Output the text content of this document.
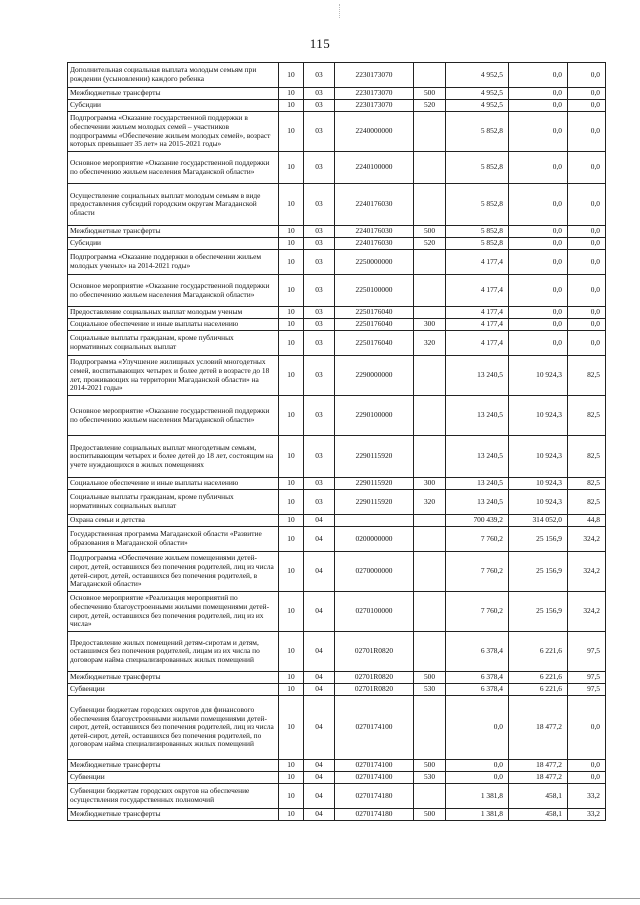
115
Дополнительная социальная выплата молодым семьям при рождении (усыновлении) каждого ребенка	10	03	2230173070		4 952,5	0,0	0,0
Межбюджетные трансферты	10	03	2230173070	500	4 952,5	0,0	0,0
Субсидии	10	03	2230173070	520	4 952,5	0,0	0,0
Подпрограмма «Оказание государственной поддержки в обеспечении жильем молодых семей – участников подпрограммы «Обеспечение жильем молодых семей», возраст которых превышает 35 лет» на 2015-2021 годы»	10	03	2240000000		5 852,8	0,0	0,0
Основное мероприятие «Оказание государственной поддержки по обеспечению жильем населения Магаданской области»	10	03	2240100000		5 852,8	0,0	0,0
Осуществление социальных выплат молодым семьям в виде предоставления субсидий городским округам Магаданской области	10	03	2240176030		5 852,8	0,0	0,0
Межбюджетные трансферты	10	03	2240176030	500	5 852,8	0,0	0,0
Субсидии	10	03	2240176030	520	5 852,8	0,0	0,0
Подпрограмма «Оказание поддержки в обеспечении жильем молодых ученых» на 2014-2021 годы»	10	03	2250000000		4 177,4	0,0	0,0
Основное мероприятие «Оказание государственной поддержки по обеспечению жильем населения Магаданской области»	10	03	2250100000		4 177,4	0,0	0,0
Предоставление социальных выплат молодым ученым	10	03	2250176040		4 177,4	0,0	0,0
Социальное обеспечение и иные выплаты населению	10	03	2250176040	300	4 177,4	0,0	0,0
Социальные выплаты гражданам, кроме публичных нормативных социальных выплат	10	03	2250176040	320	4 177,4	0,0	0,0
Подпрограмма «Улучшение жилищных условий многодетных семей, воспитывающих четырех и более детей в возрасте до 18 лет, проживающих на территории Магаданской области» на 2014-2021 годы»	10	03	2290000000		13 240,5	10 924,3	82,5
Основное мероприятие «Оказание государственной поддержки по обеспечению жильем населения Магаданской области»	10	03	2290100000		13 240,5	10 924,3	82,5
Предоставление социальных выплат многодетным семьям, воспитывающим четырех и более детей до 18 лет, состоящим на учете нуждающихся в жилых помещениях	10	03	2290115920		13 240,5	10 924,3	82,5
Социальное обеспечение и иные выплаты населению	10	03	2290115920	300	13 240,5	10 924,3	82,5
Социальные выплаты гражданам, кроме публичных нормативных социальных выплат	10	03	2290115920	320	13 240,5	10 924,3	82,5
Охрана семьи и детства	10	04			700 439,2	314 052,0	44,8
Государственная программа Магаданской области «Развитие образования в Магаданской области»	10	04	0200000000		7 760,2	25 156,9	324,2
Подпрограмма «Обеспечение жильем помещениями детей-сирот, детей, оставшихся без попечения родителей, лиц из числа детей-сирот, детей, оставшихся без попечения родителей, в Магаданской области»	10	04	0270000000		7 760,2	25 156,9	324,2
Основное мероприятие «Реализация мероприятий по обеспечению благоустроенными жилыми помещениями детей-сирот, детей, оставшихся без попечения родителей, лиц из их числа»	10	04	0270100000		7 760,2	25 156,9	324,2
Предоставление жилых помещений детям-сиротам и детям, оставшимся без попечения родителей, лицам из их числа по договорам найма специализированных жилых помещений	10	04	02701R0820		6 378,4	6 221,6	97,5
Межбюджетные трансферты	10	04	02701R0820	500	6 378,4	6 221,6	97,5
Субвенции	10	04	02701R0820	530	6 378,4	6 221,6	97,5
Субвенции бюджетам городских округов для финансового обеспечения благоустроенными жилыми помещениями детей-сирот, детей, оставшихся без попечения родителей, лиц из числа детей-сирот, детей, оставшихся без попечения родителей, по договорам найма специализированных жилых помещений	10	04	0270174100		0,0	18 477,2	0,0
Межбюджетные трансферты	10	04	0270174100	500	0,0	18 477,2	0,0
Субвенции	10	04	0270174100	530	0,0	18 477,2	0,0
Субвенции бюджетам городских округов на обеспечение осуществления государственных полномочий	10	04	0270174180		1 381,8	458,1	33,2
Межбюджетные трансферты	10	04	0270174180	500	1 381,8	458,1	33,2
